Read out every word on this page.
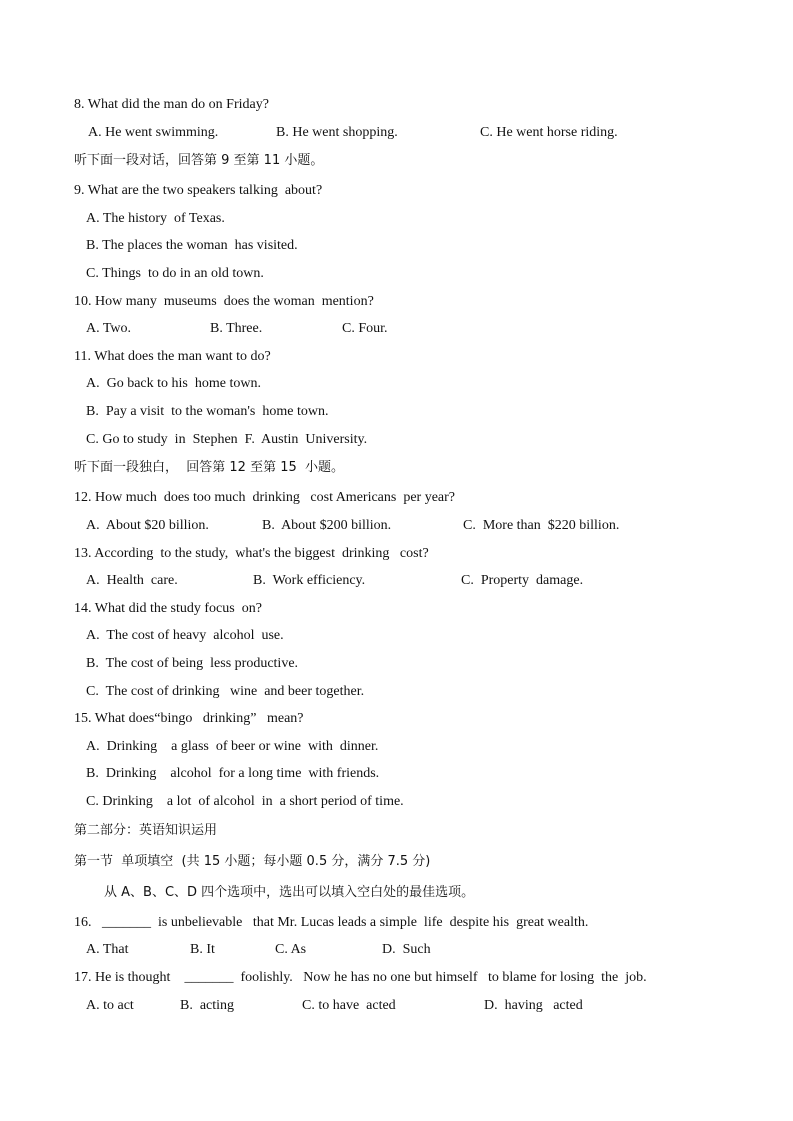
8. What did the man do on Friday?
A. He went swimming.	B. He went shopping.	C. He went horse riding.
听下面一段对话，回答第 9 至第 11 小题。
9. What are the two speakers talking  about?
A. The history  of Texas.
B. The places the woman  has visited.
C. Things  to do in an old town.
10. How many  museums  does the woman  mention?
A. Two.	B. Three.	C. Four.
11. What does the man want to do?
A.  Go back to his  home town.
B.  Pay a visit  to the woman's  home town.
C. Go to study  in  Stephen  F.  Austin  University.
听下面一段独白，  回答第 12 至第 15  小题。
12. How much  does too much  drinking   cost Americans  per year?
A.  About $20 billion.	B.  About $200 billion.	C.  More than  $220 billion.
13. According  to the study,  what's the biggest  drinking   cost?
A.  Health  care.	B.  Work efficiency.	C.  Property  damage.
14. What did the study focus  on?
A.  The cost of heavy  alcohol  use.
B.  The cost of being  less productive.
C.  The cost of drinking   wine  and beer together.
15. What does“bingo   drinking”   mean?
A.  Drinking    a glass  of beer or wine  with  dinner.
B.  Drinking    alcohol  for a long time  with friends.
C. Drinking    a lot  of alcohol  in  a short period of time.
第二部分：英语知识运用
第一节  单项填空  (共 15 小题；每小题 0.5 分，满分 7.5 分)
从 A、B、C、D 四个选项中，选出可以填入空白处的最佳选项。
16.   _______  is unbelievable   that Mr. Lucas leads a simple  life  despite his  great wealth.
A. That	B. It	C. As	D.  Such
17. He is thought    _______  foolishly.   Now he has no one but himself   to blame for losing  the  job.
A. to act	B.  acting	C. to have  acted	D.  having   acted
